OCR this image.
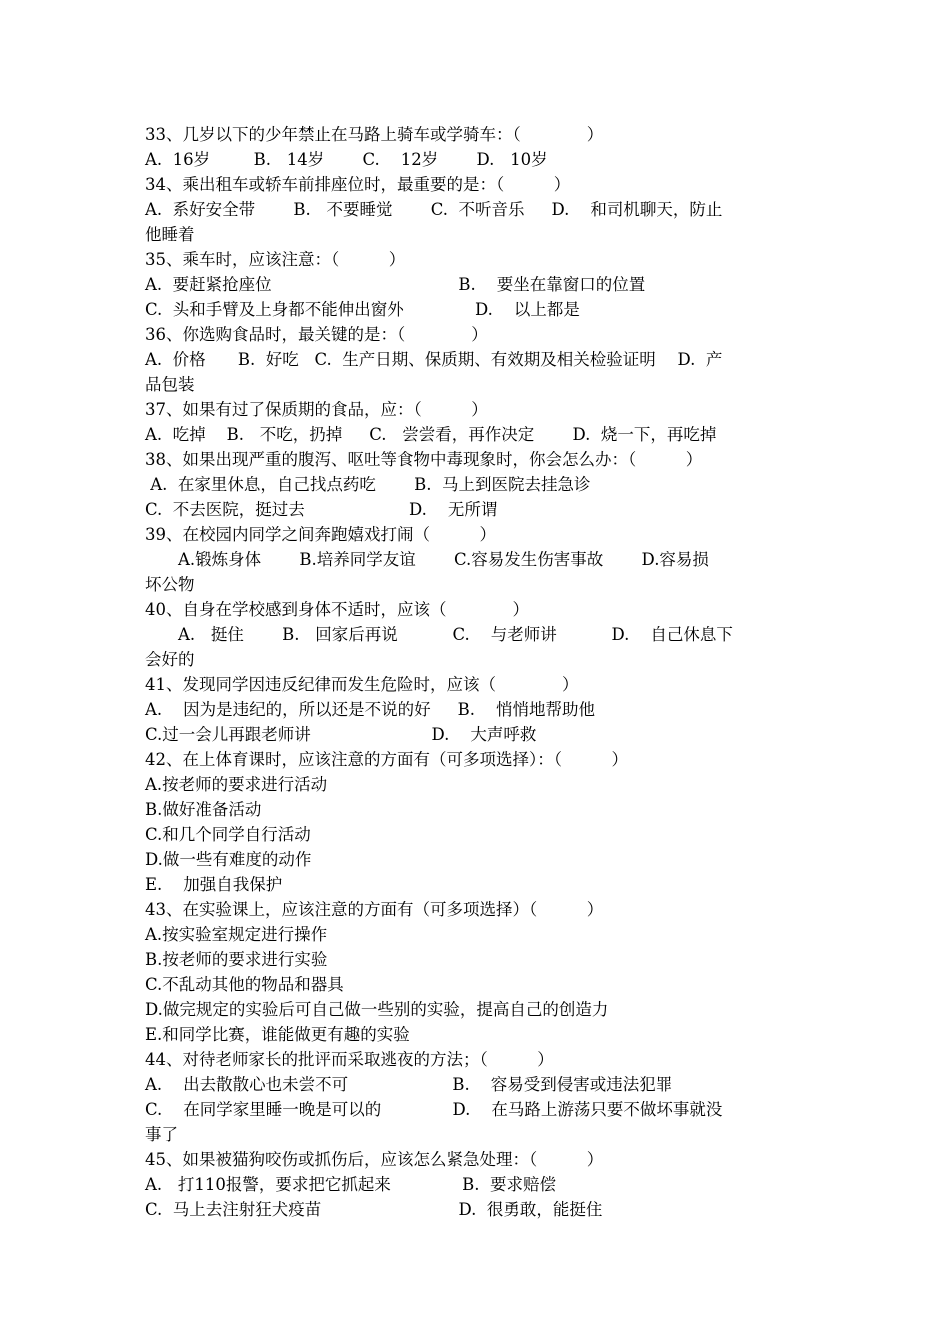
33、几岁以下的少年禁止在马路上骑车或学骑车：（　　　　）
A.  16岁　　  B.   14岁　　 C.    12岁　　 D.   10岁
34、乘出租车或轿车前排座位时，最重要的是：（　　　）
A.  系好安全带　　 B.   不要睡觉　　 C.  不听音乐　  D.    和司机聊天，防止
他睡着
35、乘车时，应该注意：（　　　）
A.  要赶紧抢座位　　　　　　　　　　　 B.    要坐在靠窗口的位置
C.  头和手臂及上身都不能伸出窗外　　　　 D.    以上都是
36、你选购食品时，最关键的是：（　　　　）
A.  价格　   B.  好吃   C.  生产日期、保质期、有效期及相关检验证明　 D.  产
品包装
37、如果有过了保质期的食品，应：（　　　）
A.  吃掉    B.   不吃，扔掉　  C.   尝尝看，再作决定　　 D.  烧一下，再吃掉
38、如果出现严重的腹泻、呕吐等食物中毒现象时，你会怎么办：（　　　）
A.  在家里休息，自己找点药吃　　 B.  马上到医院去挂急诊
C.  不去医院，挺过去　　　　　　 D.    无所谓
39、在校园内同学之间奔跑嬉戏打闹（　　　）
　　A.锻炼身体　　 B.培养同学友谊　　 C.容易发生伤害事故　　 D.容易损
坏公物
40、自身在学校感到身体不适时，应该（　　　　）
　　A.   挺住　　 B.   回家后再说　　　 C.    与老师讲　　　 D.    自己休息下
会好的
41、发现同学因违反纪律而发生危险时，应该（　　　　）
A.    因为是违纪的，所以还是不说的好　  B.    悄悄地帮助他
C.过一会儿再跟老师讲　　　　　　　 D.    大声呼救
42、在上体育课时，应该注意的方面有（可多项选择）：（　　　）
A.按老师的要求进行活动
B.做好准备活动
C.和几个同学自行活动
D.做一些有难度的动作
E.    加强自我保护
43、在实验课上，应该注意的方面有（可多项选择）（　　　）
A.按实验室规定进行操作
B.按老师的要求进行实验
C.不乱动其他的物品和器具
D.做完规定的实验后可自己做一些别的实验，提高自己的创造力
E.和同学比赛，谁能做更有趣的实验
44、对待老师家长的批评而采取逃夜的方法；（　　　）
A.    出去散散心也未尝不可　　　　　　 B.    容易受到侵害或违法犯罪
C.    在同学家里睡一晚是可以的　　　　 D.    在马路上游荡只要不做坏事就没
事了
45、如果被猫狗咬伤或抓伤后，应该怎么紧急处理：（　　　）
A.   打110报警，要求把它抓起来　　　　 B.  要求赔偿
C.  马上去注射狂犬疫苗　　　　　　　　 D.  很勇敢，能挺住
